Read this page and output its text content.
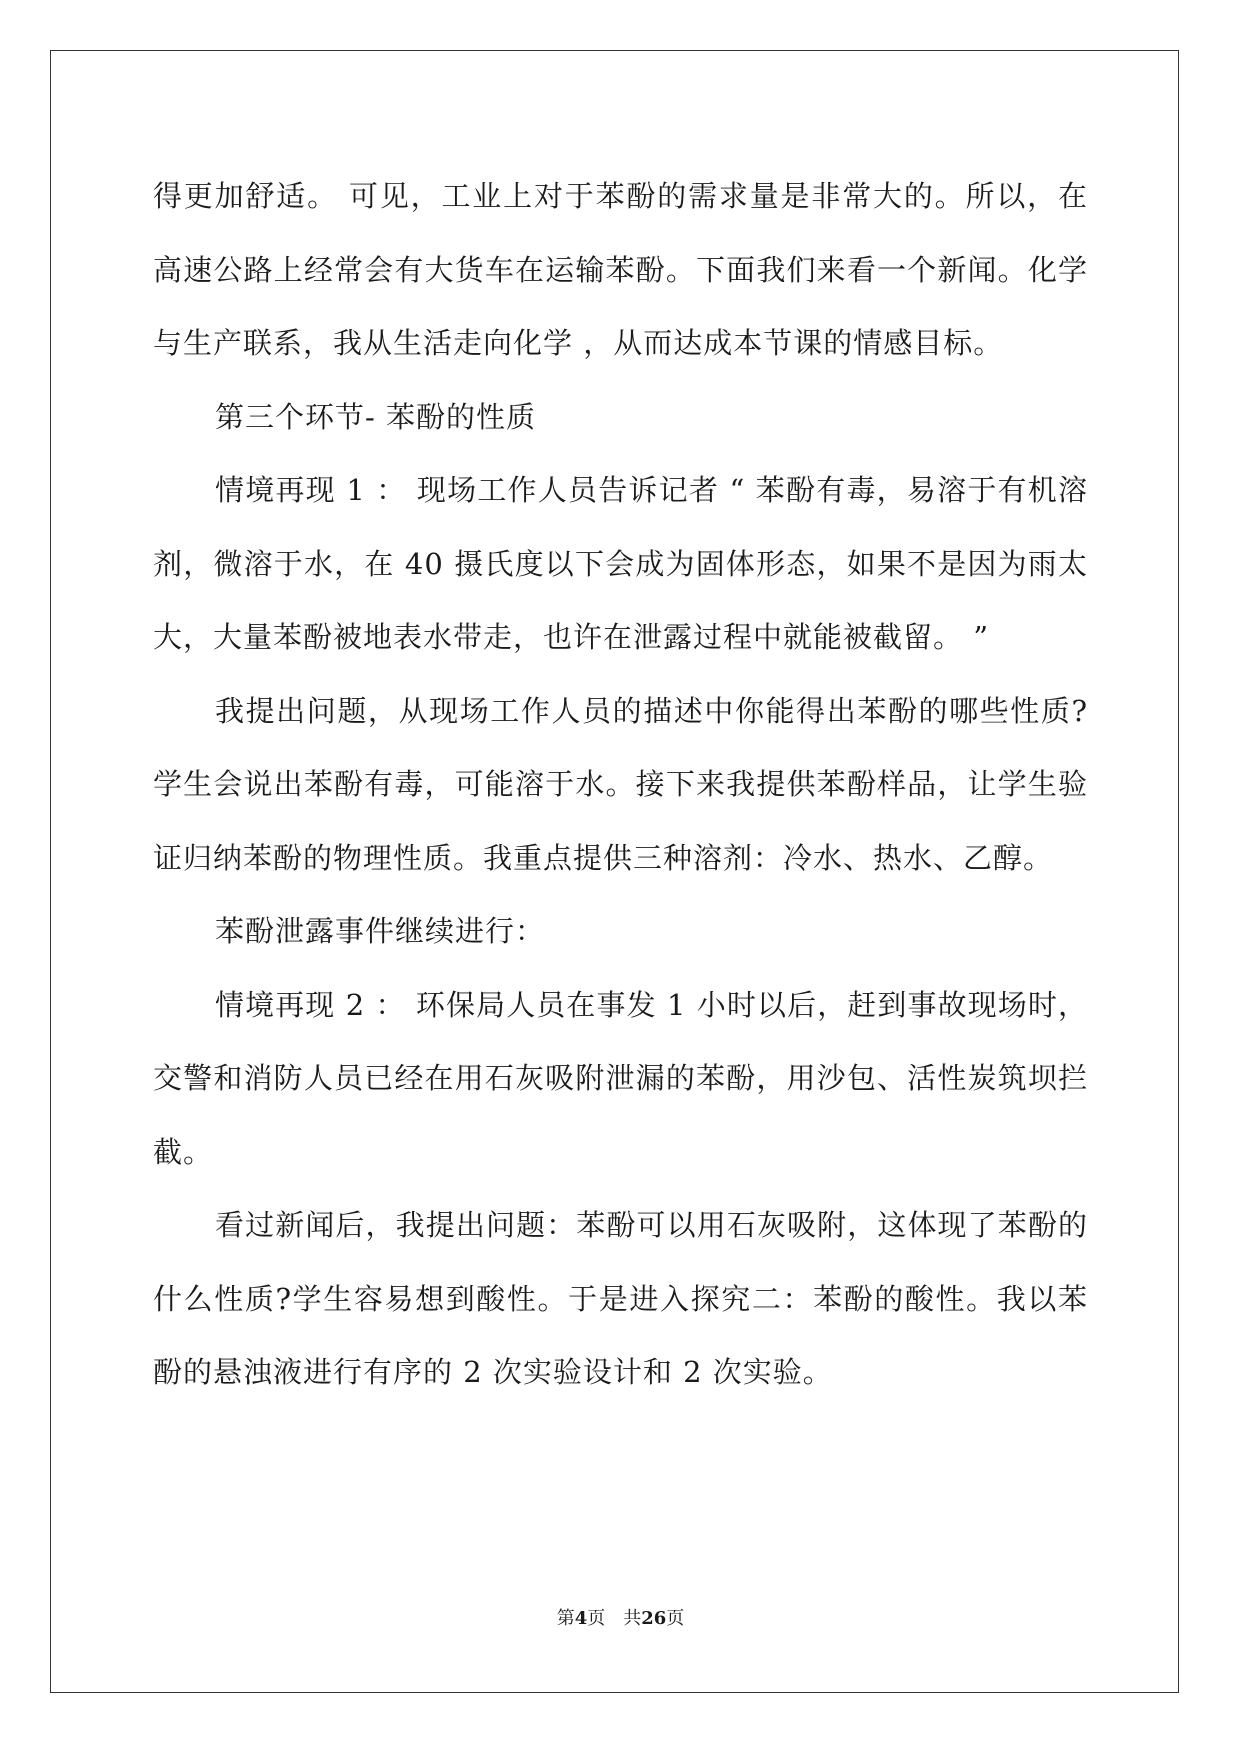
得更加舒适。 可见，工业上对于苯酚的需求量是非常大的。所以，在高速公路上经常会有大货车在运输苯酚。下面我们来看一个新闻。化学与生产联系，我从生活走向化学 ，从而达成本节课的情感目标。

第三个环节- 苯酚的性质

情境再现 1 ： 现场工作人员告诉记者 “ 苯酚有毒，易溶于有机溶剂，微溶于水，在 40 摄氏度以下会成为固体形态，如果不是因为雨太大，大量苯酚被地表水带走，也许在泄露过程中就能被截留。 ”

我提出问题，从现场工作人员的描述中你能得出苯酚的哪些性质?学生会说出苯酚有毒，可能溶于水。接下来我提供苯酚样品，让学生验证归纳苯酚的物理性质。我重点提供三种溶剂：冷水、热水、乙醇。

苯酚泄露事件继续进行：

情境再现 2 ： 环保局人员在事发 1 小时以后，赶到事故现场时，交警和消防人员已经在用石灰吸附泄漏的苯酚，用沙包、活性炭筑坝拦截。

看过新闻后，我提出问题：苯酚可以用石灰吸附，这体现了苯酚的什么性质?学生容易想到酸性。于是进入探究二：苯酚的酸性。我以苯酚的悬浊液进行有序的 2 次实验设计和 2 次实验。

第4页 共26页
